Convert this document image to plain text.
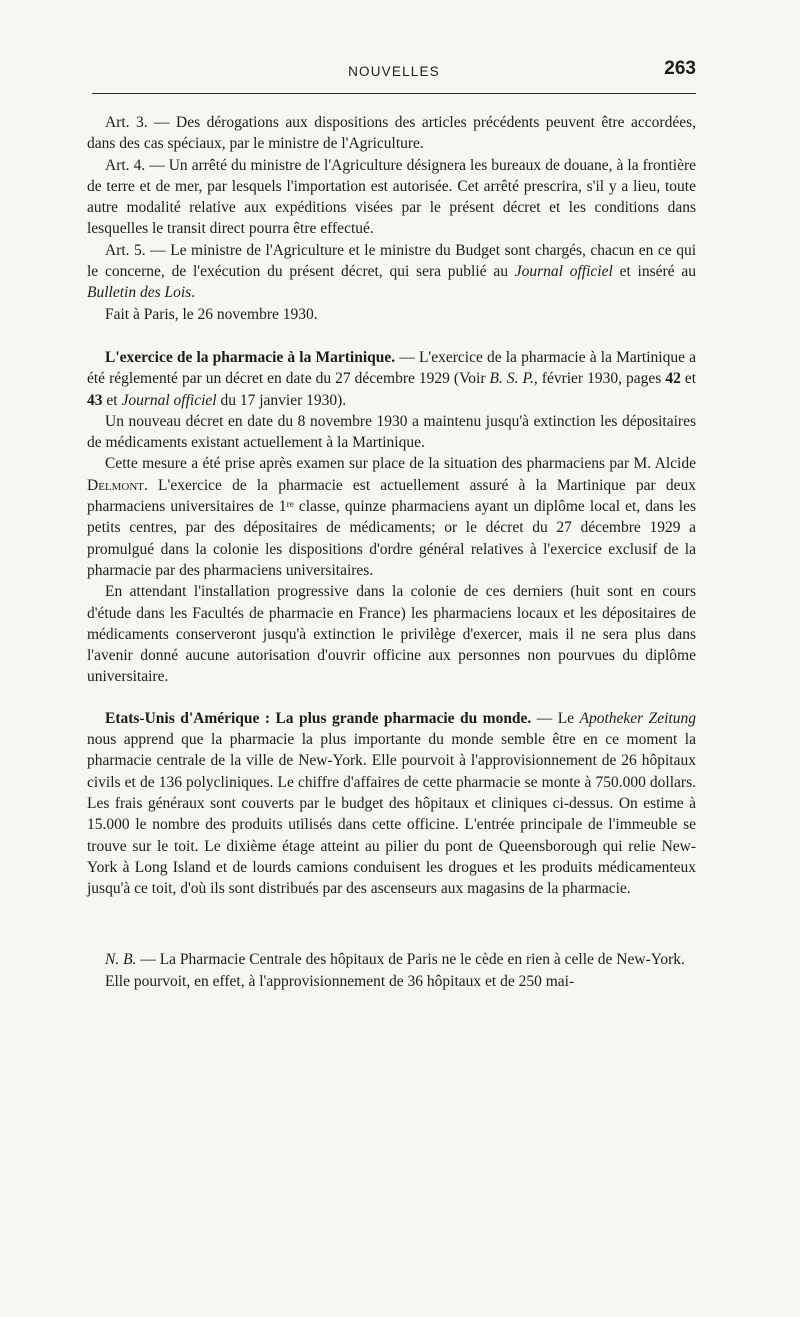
NOUVELLES	263

Art. 3. — Des dérogations aux dispositions des articles précédents peuvent être accordées, dans des cas spéciaux, par le ministre de l'Agriculture.

Art. 4. — Un arrêté du ministre de l'Agriculture désignera les bureaux de douane, à la frontière de terre et de mer, par lesquels l'importation est autorisée. Cet arrêté prescrira, s'il y a lieu, toute autre modalité relative aux expéditions visées par le présent décret et les conditions dans lesquelles le transit direct pourra être effectué.

Art. 5. — Le ministre de l'Agriculture et le ministre du Budget sont chargés, chacun en ce qui le concerne, de l'exécution du présent décret, qui sera publié au Journal officiel et inséré au Bulletin des Lois.

Fait à Paris, le 26 novembre 1930.

L'exercice de la pharmacie à la Martinique. — L'exercice de la pharmacie à la Martinique a été réglementé par un décret en date du 27 décembre 1929 (Voir B. S. P., février 1930, pages 42 et 43 et Journal officiel du 17 janvier 1930).

Un nouveau décret en date du 8 novembre 1930 a maintenu jusqu'à extinction les dépositaires de médicaments existant actuellement à la Martinique.

Cette mesure a été prise après examen sur place de la situation des pharmaciens par M. Alcide Delmont. L'exercice de la pharmacie est actuellement assuré à la Martinique par deux pharmaciens universitaires de 1ʳᵉ classe, quinze pharmaciens ayant un diplôme local et, dans les petits centres, par des dépositaires de médicaments; or le décret du 27 décembre 1929 a promulgué dans la colonie les dispositions d'ordre général relatives à l'exercice exclusif de la pharmacie par des pharmaciens universitaires.

En attendant l'installation progressive dans la colonie de ces derniers (huit sont en cours d'étude dans les Facultés de pharmacie en France) les pharmaciens locaux et les dépositaires de médicaments conserveront jusqu'à extinction le privilège d'exercer, mais il ne sera plus dans l'avenir donné aucune autorisation d'ouvrir officine aux personnes non pourvues du diplôme universitaire.

Etats-Unis d'Amérique : La plus grande pharmacie du monde. — Le Apotheker Zeitung nous apprend que la pharmacie la plus importante du monde semble être en ce moment la pharmacie centrale de la ville de New-York. Elle pourvoit à l'approvisionnement de 26 hôpitaux civils et de 136 polycliniques. Le chiffre d'affaires de cette pharmacie se monte à 750.000 dollars. Les frais généraux sont couverts par le budget des hôpitaux et cliniques ci-dessus. On estime à 15.000 le nombre des produits utilisés dans cette officine. L'entrée principale de l'immeuble se trouve sur le toit. Le dixième étage atteint au pilier du pont de Queensborough qui relie New-York à Long Island et de lourds camions conduisent les drogues et les produits médicamenteux jusqu'à ce toit, d'où ils sont distribués par des ascenseurs aux magasins de la pharmacie.

N. B. — La Pharmacie Centrale des hôpitaux de Paris ne le cède en rien à celle de New-York.

Elle pourvoit, en effet, à l'approvisionnement de 36 hôpitaux et de 250 mai-
